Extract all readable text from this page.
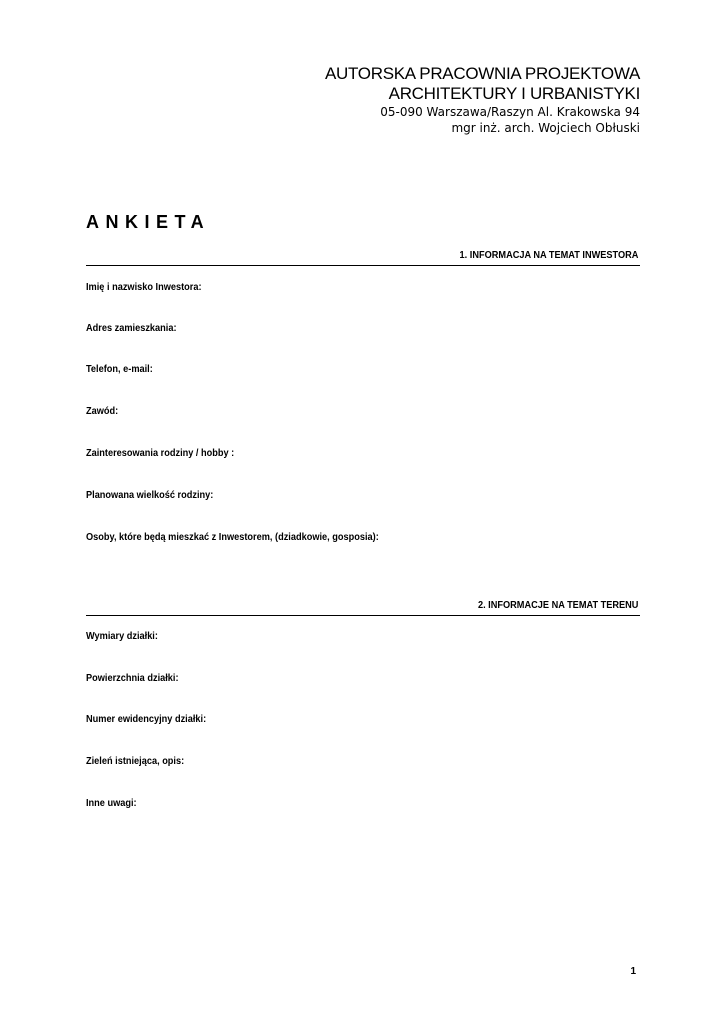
AUTORSKA PRACOWNIA PROJEKTOWA
ARCHITEKTURY I URBANISTYKI
05-090 Warszawa/Raszyn Al. Krakowska 94
mgr inż. arch. Wojciech Obłuski
ANKIETA
1. INFORMACJA NA TEMAT INWESTORA
Imię i nazwisko Inwestora:
Adres zamieszkania:
Telefon, e-mail:
Zawód:
Zainteresowania rodziny / hobby :
Planowana wielkość rodziny:
Osoby, które będą mieszkać z Inwestorem, (dziadkowie, gosposia):
2. INFORMACJE NA TEMAT TERENU
Wymiary działki:
Powierzchnia działki:
Numer ewidencyjny działki:
Zieleń istniejąca, opis:
Inne uwagi:
1
